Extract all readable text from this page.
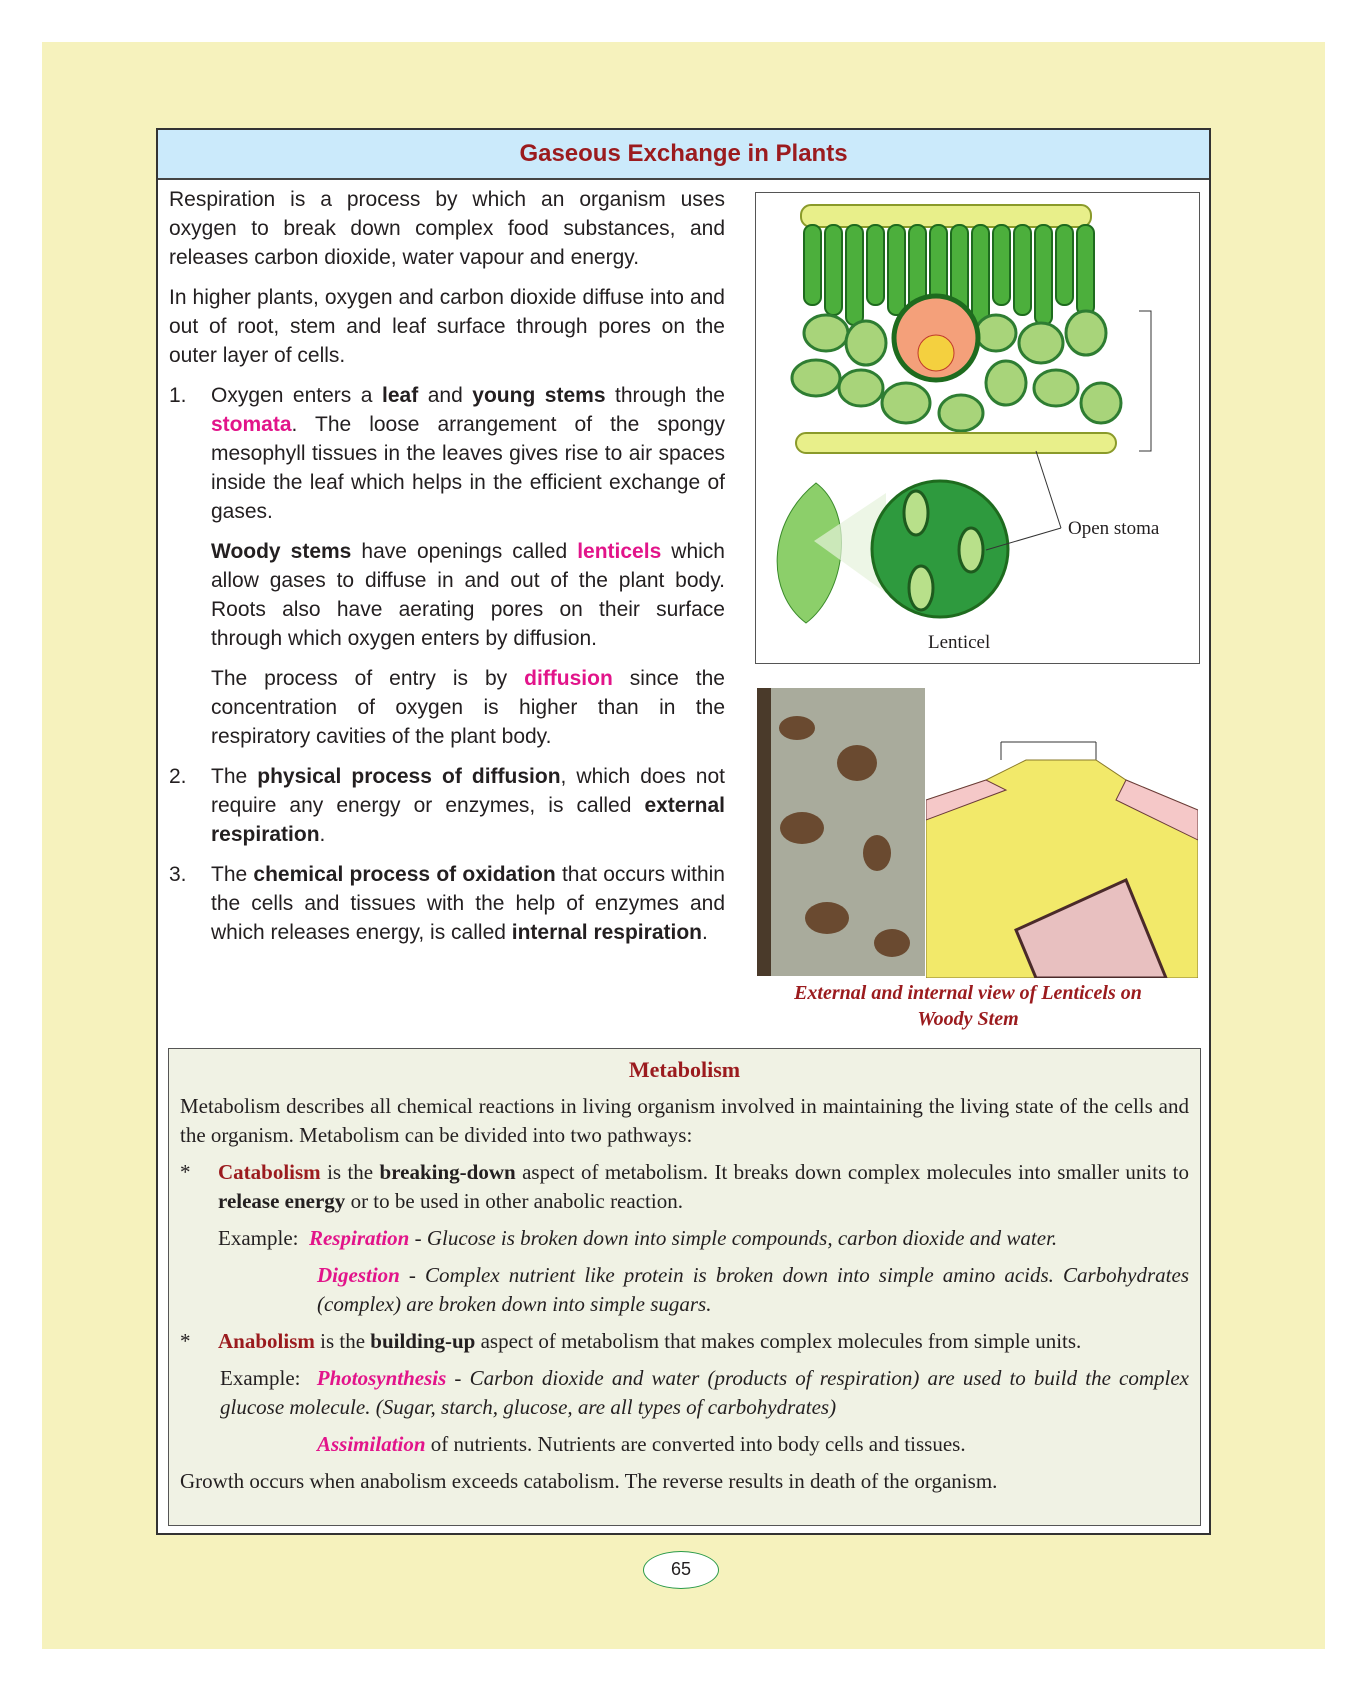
Gaseous Exchange in Plants

Respiration is a process by which an organism uses oxygen to break down complex food substances, and releases carbon dioxide, water vapour and energy.

In higher plants, oxygen and carbon dioxide diffuse into and out of root, stem and leaf surface through pores on the outer layer of cells.

1. Oxygen enters a leaf and young stems through the stomata. The loose arrangement of the spongy mesophyll tissues in the leaves gives rise to air spaces inside the leaf which helps in the efficient exchange of gases.

Woody stems have openings called lenticels which allow gases to diffuse in and out of the plant body. Roots also have aerating pores on their surface through which oxygen enters by diffusion.

The process of entry is by diffusion since the concentration of oxygen is higher than in the respiratory cavities of the plant body.

2. The physical process of diffusion, which does not require any energy or enzymes, is called external respiration.

3. The chemical process of oxidation that occurs within the cells and tissues with the help of enzymes and which releases energy, is called internal respiration.

Open stoma
Lenticel
External and internal view of Lenticels on
Woody Stem
Metabolism

Metabolism describes all chemical reactions in living organism involved in maintaining the living state of the cells and the organism. Metabolism can be divided into two pathways:

* Catabolism is the breaking-down aspect of metabolism. It breaks down complex molecules into smaller units to release energy or to be used in other anabolic reaction.

Example: Respiration - Glucose is broken down into simple compounds, carbon dioxide and water.

Digestion - Complex nutrient like protein is broken down into simple amino acids. Carbohydrates (complex) are broken down into simple sugars.

* Anabolism is the building-up aspect of metabolism that makes complex molecules from simple units.

Example: Photosynthesis - Carbon dioxide and water (products of respiration) are used to build the complex glucose molecule. (Sugar, starch, glucose, are all types of carbohydrates)

Assimilation of nutrients. Nutrients are converted into body cells and tissues.

Growth occurs when anabolism exceeds catabolism. The reverse results in death of the organism.

65
